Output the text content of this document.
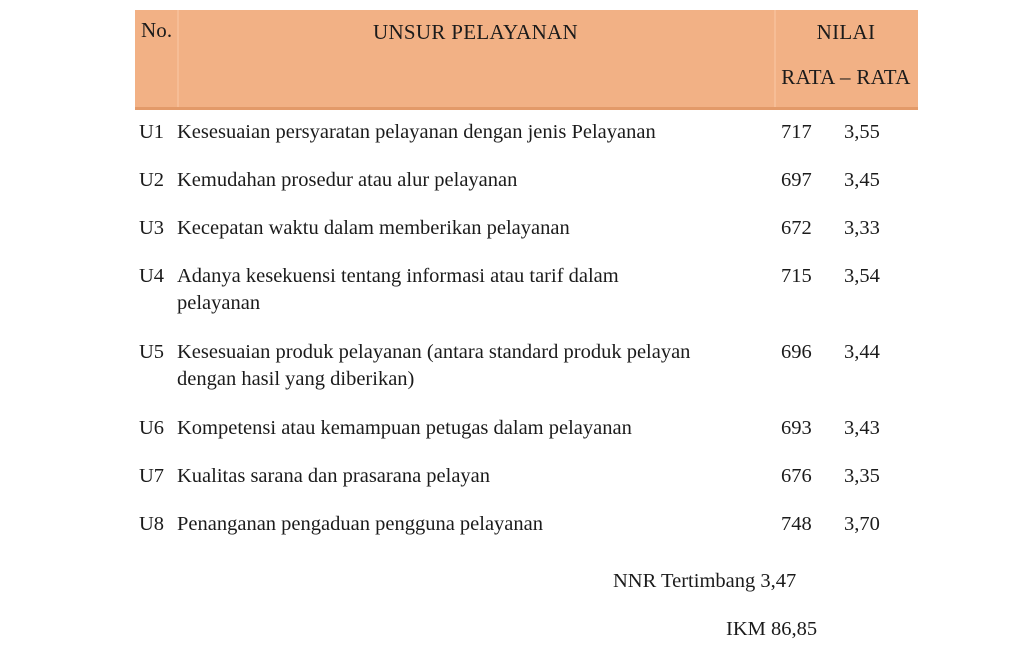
No.	UNSUR PELAYANAN	NILAI
RATA – RATA
U1 Kesesuaian persyaratan pelayanan dengan jenis Pelayanan	717	3,55
U2 Kemudahan prosedur atau alur pelayanan	697	3,45
U3 Kecepatan waktu dalam memberikan pelayanan	672	3,33
U4 Adanya kesekuensi tentang informasi atau tarif dalam
pelayanan
715	3,54
U5 Kesesuaian produk pelayanan (antara standard produk pelayan
dengan hasil yang diberikan)
696	3,44
U6 Kompetensi atau kemampuan petugas dalam pelayanan	693	3,43
U7 Kualitas sarana dan prasarana pelayan	676	3,35
U8 Penanganan pengaduan pengguna pelayanan	748	3,70
NNR Tertimbang 3,47
IKM 86,85
